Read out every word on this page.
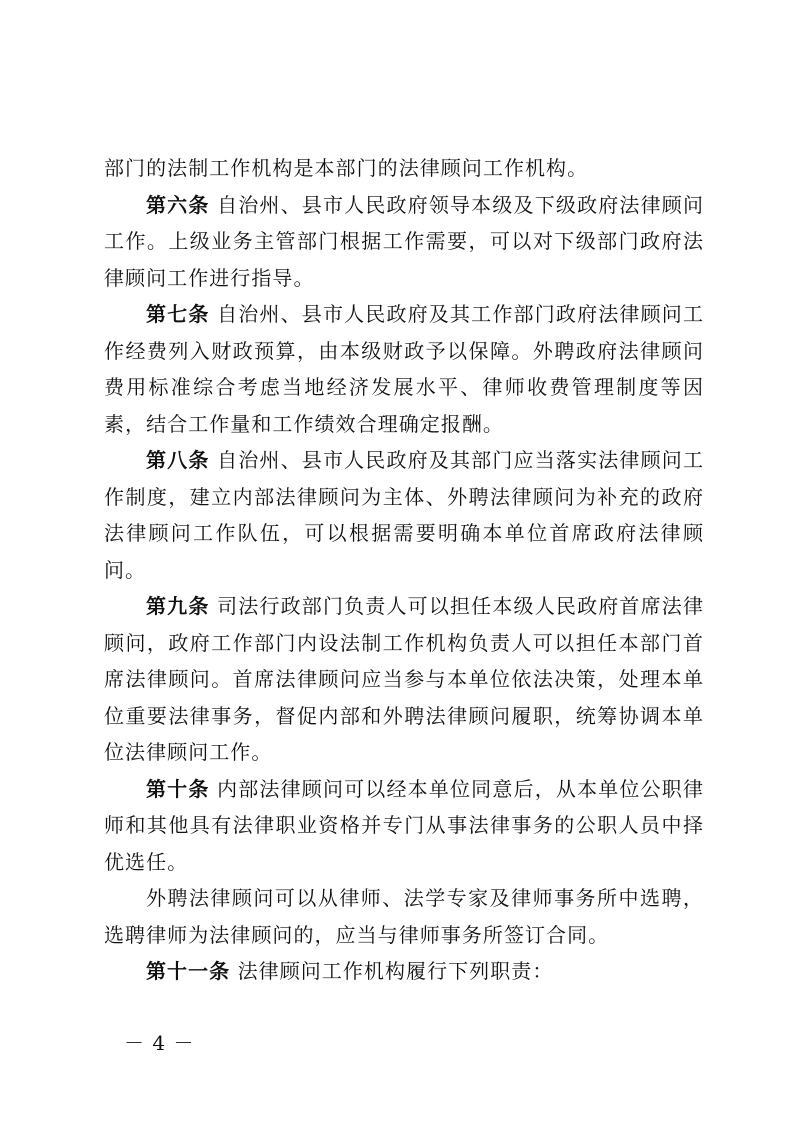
部门的法制工作机构是本部门的法律顾问工作机构。

第六条 自治州、县市人民政府领导本级及下级政府法律顾问工作。上级业务主管部门根据工作需要，可以对下级部门政府法律顾问工作进行指导。

第七条 自治州、县市人民政府及其工作部门政府法律顾问工作经费列入财政预算，由本级财政予以保障。外聘政府法律顾问费用标准综合考虑当地经济发展水平、律师收费管理制度等因素，结合工作量和工作绩效合理确定报酬。

第八条 自治州、县市人民政府及其部门应当落实法律顾问工作制度，建立内部法律顾问为主体、外聘法律顾问为补充的政府法律顾问工作队伍，可以根据需要明确本单位首席政府法律顾问。

第九条 司法行政部门负责人可以担任本级人民政府首席法律顾问，政府工作部门内设法制工作机构负责人可以担任本部门首席法律顾问。首席法律顾问应当参与本单位依法决策，处理本单位重要法律事务，督促内部和外聘法律顾问履职，统筹协调本单位法律顾问工作。

第十条 内部法律顾问可以经本单位同意后，从本单位公职律师和其他具有法律职业资格并专门从事法律事务的公职人员中择优选任。

外聘法律顾问可以从律师、法学专家及律师事务所中选聘，选聘律师为法律顾问的，应当与律师事务所签订合同。

第十一条 法律顾问工作机构履行下列职责：

－ 4 －
